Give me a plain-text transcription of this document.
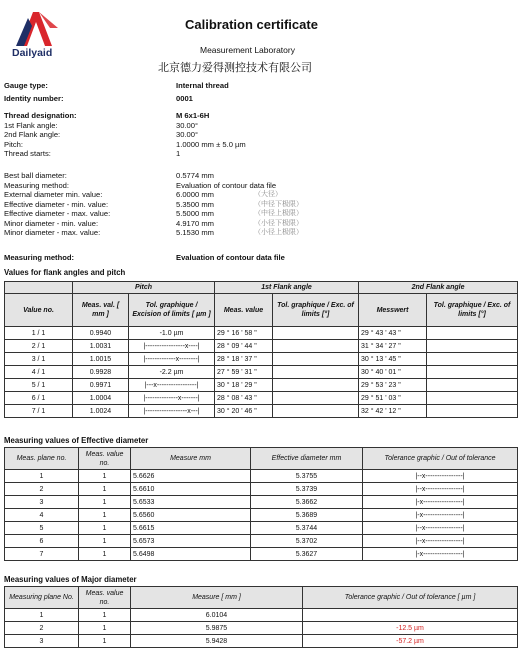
Dailyaid
Calibration certificate
Measurement Laboratory
北京德力爱得测控技术有限公司
Gauge type:	Internal thread
Identity number:	0001
Thread designation:	M 6x1-6H
1st Flank angle:	30.00°
2nd Flank angle:	30.00°
Pitch:	1.0000 mm ± 5.0 µm
Thread starts:	1
Best ball diameter:	0.5774 mm
Measuring method:	Evaluation of contour data file
External diameter min. value:	6.0000 mm	（大径）
Effective diameter - min. value:	5.3500 mm	（中径下极限）
Effective diameter - max. value:	5.5000 mm	（中径上极限）
Minor diameter - min. value:	4.9170 mm	（小径下极限）
Minor diameter - max. value:	5.1530 mm	（小径上极限）
Measuring method:	Evaluation of contour data file
Values for flank angles and pitch
	Pitch		1st Flank angle		2nd Flank angle	
Value no.	Meas. val. [ mm ]	Tol. graphique / Excision of limits [ µm ]	Meas. value	Tol. graphique / Exc. of limits [°]	Messwert	Tol. graphique / Exc. of limits [°]
1 / 1	0.9940	-1.0 µm	29 ° 16 ' 58 "		29 ° 43 ' 43 "	
2 / 1	1.0031	|-----------------x----|	28 ° 09 ' 44 "		31 ° 34 ' 27 "	
3 / 1	1.0015	|-------------x--------|	28 ° 18 ' 37 "		30 ° 13 ' 45 "	
4 / 1	0.9928	-2.2 µm	27 ° 59 ' 31 "		30 ° 40 ' 01 "	
5 / 1	0.9971	|---x-----------------|	30 ° 18 ' 29 "		29 ° 53 ' 23 "	
6 / 1	1.0004	|--------------x-------|	28 ° 08 ' 43 "		29 ° 51 ' 03 "	
7 / 1	1.0024	|------------------x---|	30 ° 20 ' 46 "		32 ° 42 ' 12 "	
Measuring values of Effective diameter
Meas. plane no.	Meas. value no.	Measure mm	Effective diameter mm	Tolerance graphic / Out of tolerance
1	1	5.6626	5.3755	|--x----------------|
2	1	5.6610	5.3739	|--x----------------|
3	1	5.6533	5.3662	|-x-----------------|
4	1	5.6560	5.3689	|-x-----------------|
5	1	5.6615	5.3744	|--x----------------|
6	1	5.6573	5.3702	|--x----------------|
7	1	5.6498	5.3627	|-x-----------------|
Measuring values of Major diameter
Measuring plane No.	Meas. value no.	Measure [ mm ]	Tolerance graphic / Out of tolerance [ µm ]
1	1	6.0104	
2	1	5.9875	-12.5 µm
3	1	5.9428	-57.2 µm
